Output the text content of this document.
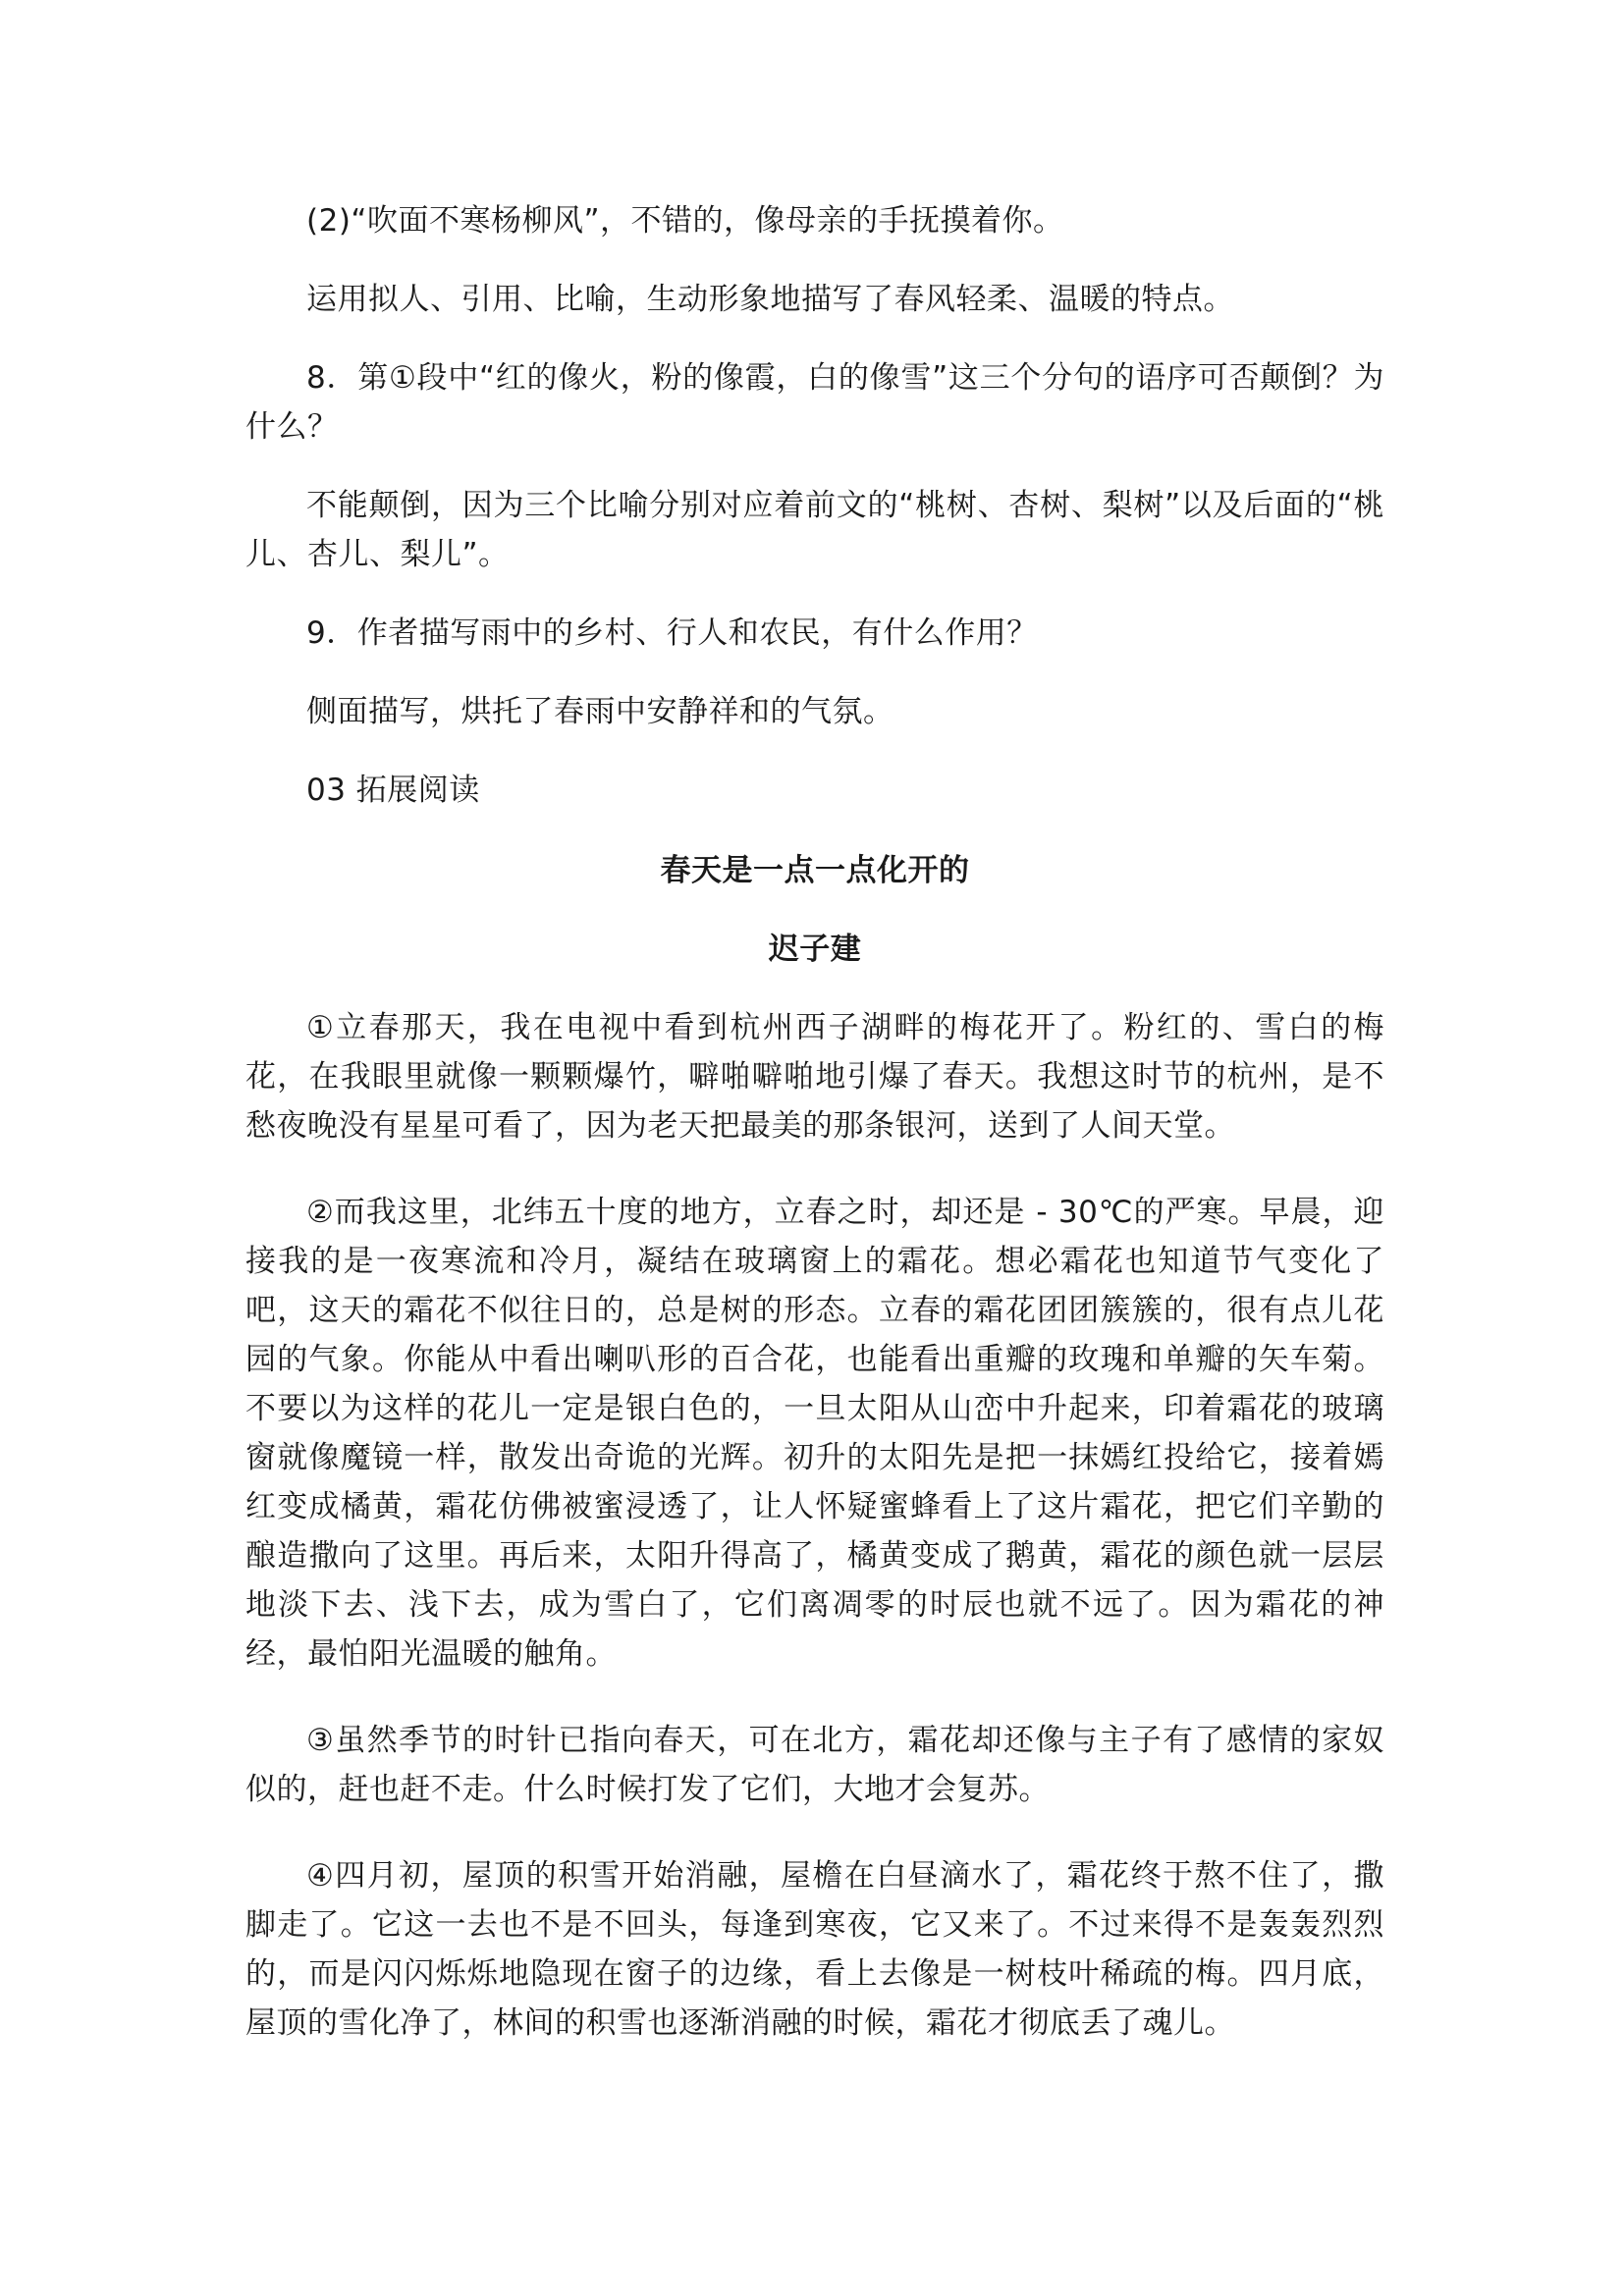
(2)“吹面不寒杨柳风”，不错的，像母亲的手抚摸着你。

运用拟人、引用、比喻，生动形象地描写了春风轻柔、温暖的特点。

8．第①段中“红的像火，粉的像霞，白的像雪”这三个分句的语序可否颠倒？为什么？

不能颠倒，因为三个比喻分别对应着前文的“桃树、杏树、梨树”以及后面的“桃儿、杏儿、梨儿”。

9．作者描写雨中的乡村、行人和农民，有什么作用？

侧面描写，烘托了春雨中安静祥和的气氛。

03 拓展阅读

春天是一点一点化开的

迟子建

①立春那天，我在电视中看到杭州西子湖畔的梅花开了。粉红的、雪白的梅花，在我眼里就像一颗颗爆竹，噼啪噼啪地引爆了春天。我想这时节的杭州，是不愁夜晚没有星星可看了，因为老天把最美的那条银河，送到了人间天堂。

②而我这里，北纬五十度的地方，立春之时，却还是 - 30℃的严寒。早晨，迎接我的是一夜寒流和冷月，凝结在玻璃窗上的霜花。想必霜花也知道节气变化了吧，这天的霜花不似往日的，总是树的形态。立春的霜花团团簇簇的，很有点儿花园的气象。你能从中看出喇叭形的百合花，也能看出重瓣的玫瑰和单瓣的矢车菊。不要以为这样的花儿一定是银白色的，一旦太阳从山峦中升起来，印着霜花的玻璃窗就像魔镜一样，散发出奇诡的光辉。初升的太阳先是把一抹嫣红投给它，接着嫣红变成橘黄，霜花仿佛被蜜浸透了，让人怀疑蜜蜂看上了这片霜花，把它们辛勤的酿造撒向了这里。再后来，太阳升得高了，橘黄变成了鹅黄，霜花的颜色就一层层地淡下去、浅下去，成为雪白了，它们离凋零的时辰也就不远了。因为霜花的神经，最怕阳光温暖的触角。

③虽然季节的时针已指向春天，可在北方，霜花却还像与主子有了感情的家奴似的，赶也赶不走。什么时候打发了它们，大地才会复苏。

④四月初，屋顶的积雪开始消融，屋檐在白昼滴水了，霜花终于熬不住了，撒脚走了。它这一去也不是不回头，每逢到寒夜，它又来了。不过来得不是轰轰烈烈的，而是闪闪烁烁地隐现在窗子的边缘，看上去像是一树枝叶稀疏的梅。四月底，屋顶的雪化净了，林间的积雪也逐渐消融的时候，霜花才彻底丢了魂儿。
